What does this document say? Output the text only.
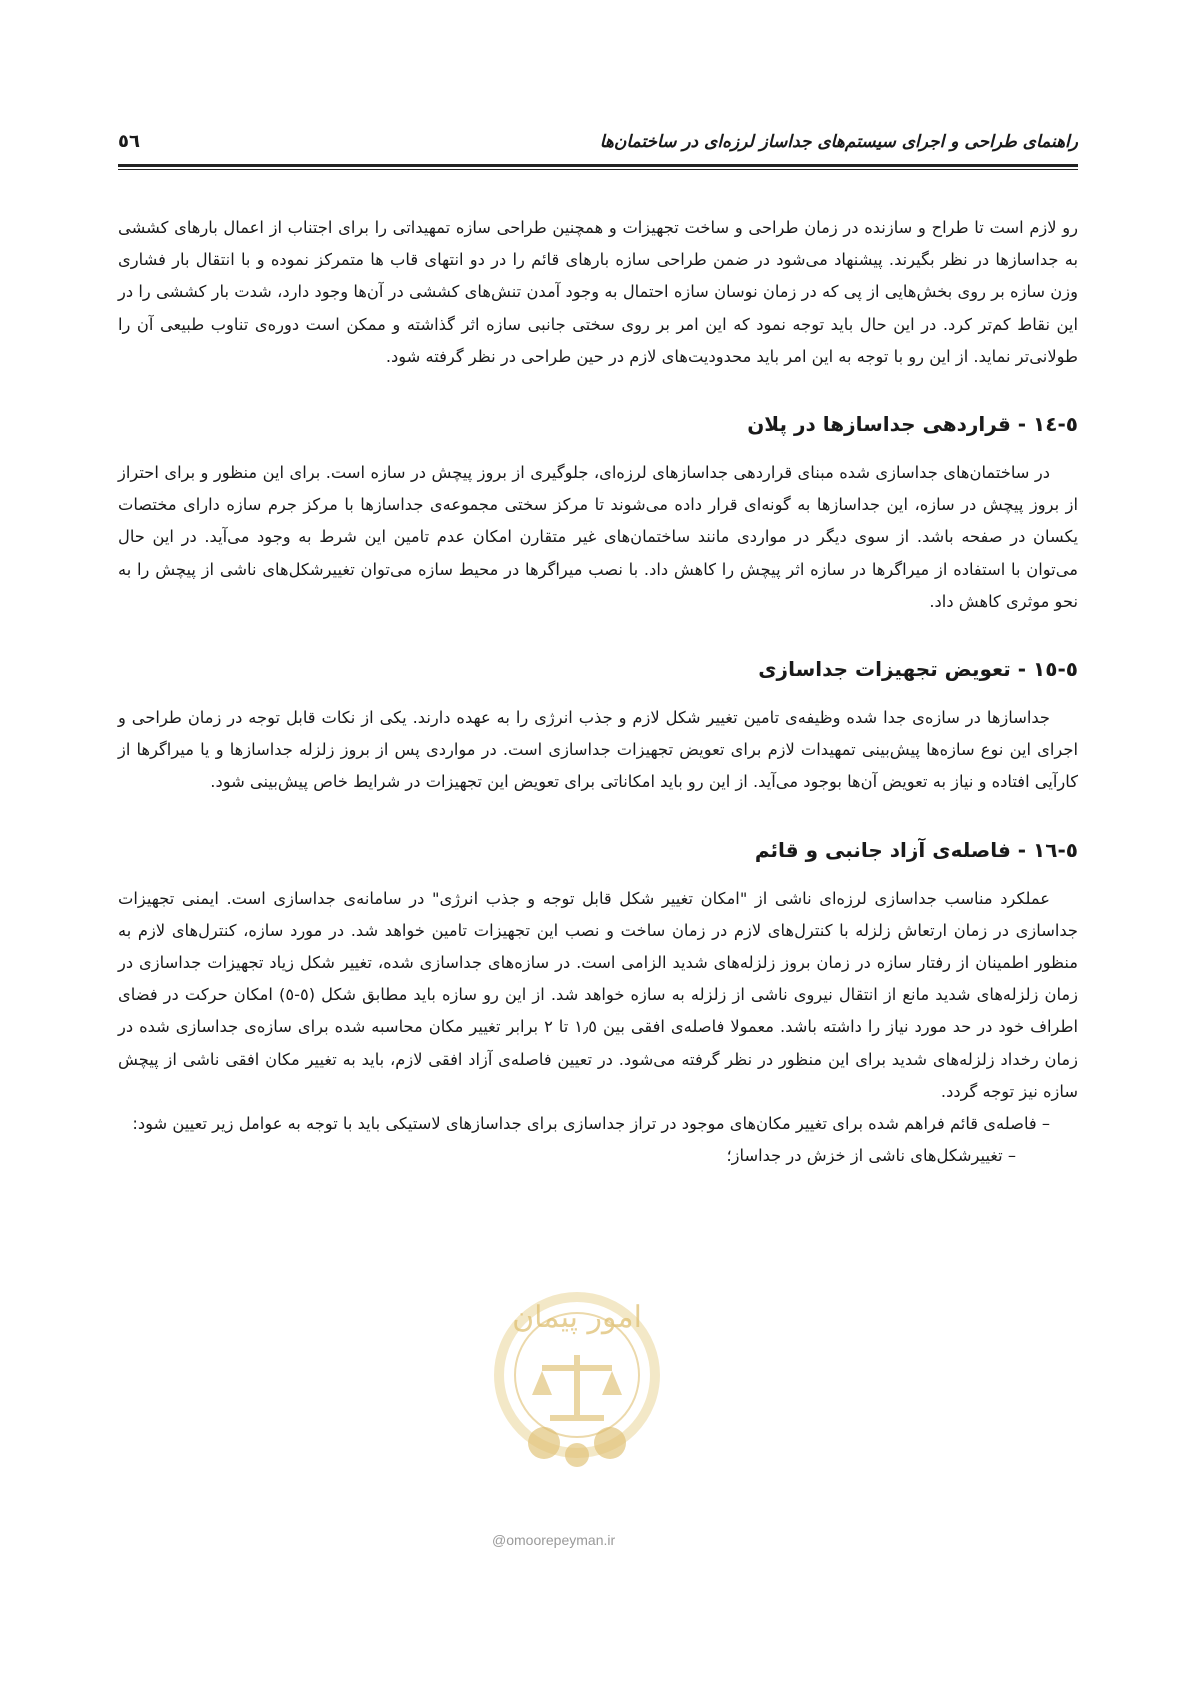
راهنمای طراحی و اجرای سیستم‌های جداساز لرزه‌ای در ساختمان‌ها
٥٦

رو لازم است تا طراح و سازنده در زمان طراحی و ساخت تجهیزات و همچنین طراحی سازه تمهیداتی را برای اجتناب از اعمال بارهای کششی به جداسازها در نظر بگیرند. پیشنهاد می‌شود در ضمن طراحی سازه بارهای قائم را در دو انتهای قاب ها متمرکز نموده و با انتقال بار فشاری وزن سازه بر روی بخش‌هایی از پی که در زمان نوسان سازه احتمال به وجود آمدن تنش‌های کششی در آن‌ها وجود دارد، شدت بار کششی را در این نقاط کم‌تر کرد. در این حال باید توجه نمود که این امر بر روی سختی جانبی سازه اثر گذاشته و ممکن است دوره‌ی تناوب طبیعی آن را طولانی‌تر نماید. از این رو با توجه به این امر باید محدودیت‌های لازم در حین طراحی در نظر گرفته شود.

٥-١٤ - قراردهی جداسازها در پلان

در ساختمان‌های جداسازی شده مبنای قراردهی جداسازهای لرزه‌ای، جلوگیری از بروز پیچش در سازه است. برای این منظور و برای احتراز از بروز پیچش در سازه، این جداسازها به گونه‌ای قرار داده می‌شوند تا مرکز سختی مجموعه‌ی جداسازها با مرکز جرم سازه دارای مختصات یکسان در صفحه باشد. از سوی دیگر در مواردی مانند ساختمان‌های غیر متقارن امکان عدم تامین این شرط به وجود می‌آید. در این حال می‌توان با استفاده از میراگرها در سازه اثر پیچش را کاهش داد. با نصب میراگرها در محیط سازه می‌توان تغییرشکل‌های ناشی از پیچش را به نحو موثری کاهش داد.

٥-١٥ - تعویض تجهیزات جداسازی

جداسازها در سازه‌ی جدا شده وظیفه‌ی تامین تغییر شکل لازم و جذب انرژی را به عهده دارند. یکی از نکات قابل توجه در زمان طراحی و اجرای این نوع سازه‌ها پیش‌بینی تمهیدات لازم برای تعویض تجهیزات جداسازی است. در مواردی پس از بروز زلزله جداسازها و یا میراگرها از کارآیی افتاده و نیاز به تعویض آن‌ها بوجود می‌آید. از این رو باید امکاناتی برای تعویض این تجهیزات در شرایط خاص پیش‌بینی شود.

٥-١٦ - فاصله‌ی آزاد جانبی و قائم

عملکرد مناسب جداسازی لرزه‌ای ناشی از "امکان تغییر شکل قابل توجه و جذب انرژی" در سامانه‌ی جداسازی است. ایمنی تجهیزات جداسازی در زمان ارتعاش زلزله با کنترل‌های لازم در زمان ساخت و نصب این تجهیزات تامین خواهد شد. در مورد سازه، کنترل‌های لازم به منظور اطمینان از رفتار سازه در زمان بروز زلزله‌های شدید الزامی است. در سازه‌های جداسازی شده، تغییر شکل زیاد تجهیزات جداسازی در زمان زلزله‌های شدید مانع از انتقال نیروی ناشی از زلزله به سازه خواهد شد. از این رو سازه باید مطابق شکل (٥-٥) امکان حرکت در فضای اطراف خود در حد مورد نیاز را داشته باشد. معمولا فاصله‌ی افقی بین ١٫٥ تا ٢ برابر تغییر مکان محاسبه شده برای سازه‌ی جداسازی شده در زمان رخداد زلزله‌های شدید برای این منظور در نظر گرفته می‌شود. در تعیین فاصله‌ی آزاد افقی لازم، باید به تغییر مکان افقی ناشی از پیچش سازه نیز توجه گردد.

– فاصله‌ی قائم فراهم شده برای تغییر مکان‌های موجود در تراز جداسازی برای جداسازهای لاستیکی باید با توجه به عوامل زیر تعیین شود:

– تغییرشکل‌های ناشی از خزش در جداساز؛

امور پیمان
@omoorepeyman.ir
